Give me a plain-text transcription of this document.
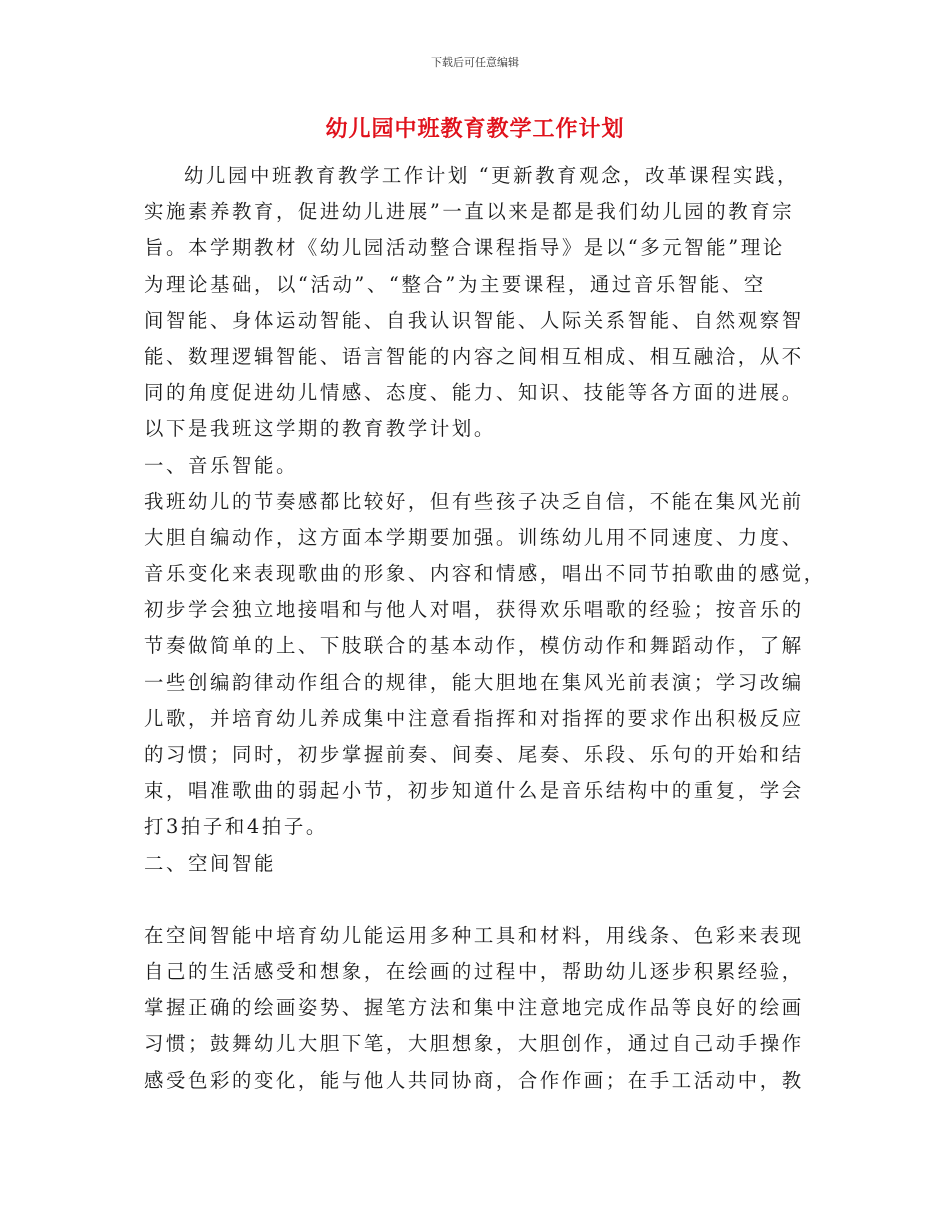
下载后可任意编辑
幼儿园中班教育教学工作计划
幼儿园中班教育教学工作计划 “更新教育观念，改革课程实践，
实施素养教育，促进幼儿进展”一直以来是都是我们幼儿园的教育宗
旨。本学期教材《幼儿园活动整合课程指导》是以“多元智能”理论
为理论基础，以“活动”、“整合”为主要课程，通过音乐智能、空
间智能、身体运动智能、自我认识智能、人际关系智能、自然观察智
能、数理逻辑智能、语言智能的内容之间相互相成、相互融洽，从不
同的角度促进幼儿情感、态度、能力、知识、技能等各方面的进展。
以下是我班这学期的教育教学计划。
一、音乐智能。
我班幼儿的节奏感都比较好，但有些孩子决乏自信，不能在集风光前
大胆自编动作，这方面本学期要加强。训练幼儿用不同速度、力度、
音乐变化来表现歌曲的形象、内容和情感，唱出不同节拍歌曲的感觉，
初步学会独立地接唱和与他人对唱，获得欢乐唱歌的经验；按音乐的
节奏做简单的上、下肢联合的基本动作，模仿动作和舞蹈动作，了解
一些创编韵律动作组合的规律，能大胆地在集风光前表演；学习改编
儿歌，并培育幼儿养成集中注意看指挥和对指挥的要求作出积极反应
的习惯；同时，初步掌握前奏、间奏、尾奏、乐段、乐句的开始和结
束，唱准歌曲的弱起小节，初步知道什么是音乐结构中的重复，学会
打3拍子和4拍子。
二、空间智能
在空间智能中培育幼儿能运用多种工具和材料，用线条、色彩来表现
自己的生活感受和想象，在绘画的过程中，帮助幼儿逐步积累经验，
掌握正确的绘画姿势、握笔方法和集中注意地完成作品等良好的绘画
习惯；鼓舞幼儿大胆下笔，大胆想象，大胆创作，通过自己动手操作
感受色彩的变化，能与他人共同协商，合作作画；在手工活动中，教
